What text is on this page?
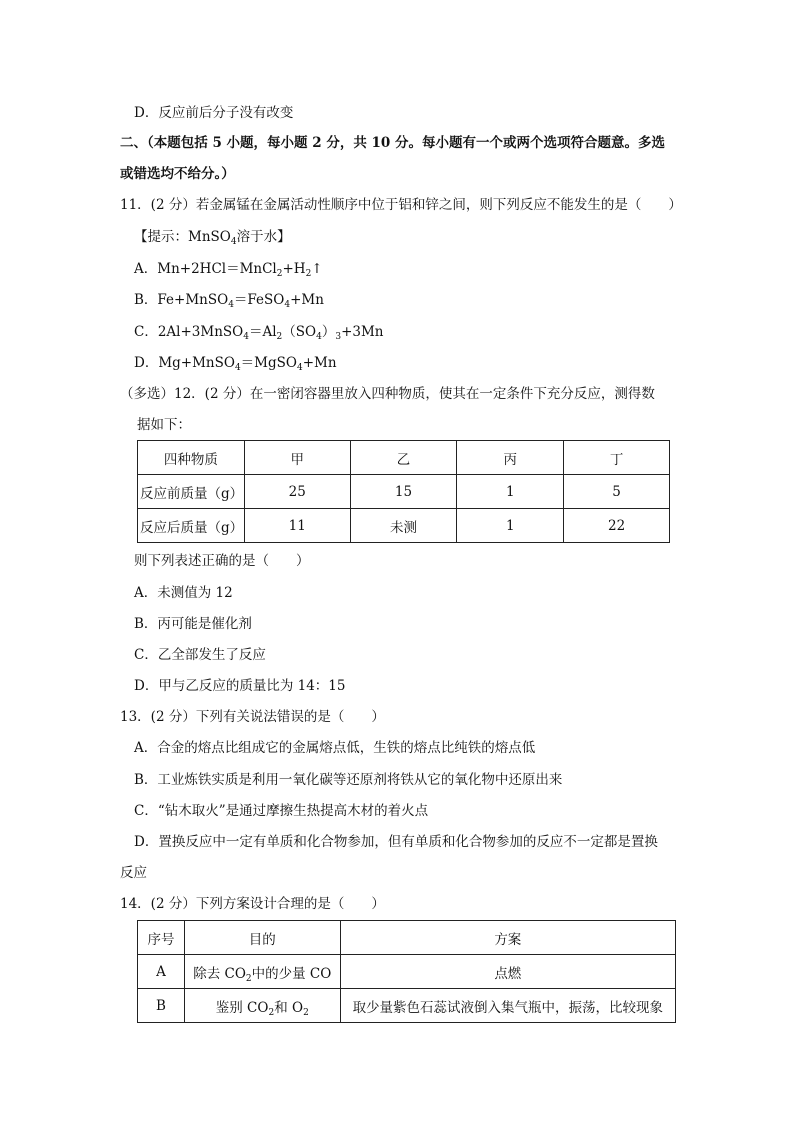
D．反应前后分子没有改变
二、（本题包括 5 小题，每小题 2 分，共 10 分。每小题有一个或两个选项符合题意。多选
或错选均不给分。）
11．(2 分）若金属锰在金属活动性顺序中位于铝和锌之间，则下列反应不能发生的是（　　）
【提示：MnSO$_4$溶于水】
A．$Mn+2HCl=MnCl_2+H_2↑$
B．Fe+MnSO$_4$＝FeSO$_4$+Mn
C．$2Al+3MnSO_4=Al_2(SO_4)_3+3Mn$
D．Mg+MnSO$_4$＝MgSO$_4$+Mn
（多选）12．(2 分）在一密闭容器里放入四种物质，使其在一定条件下充分反应，测得数
据如下：
四种物质	甲	乙	丙	丁
反应前质量（g）	25	15	1	5
反应后质量（g）	11	未测	1	22
则下列表述正确的是（　　）
A．未测值为 12
B．丙可能是催化剂
C．乙全部发生了反应
D．甲与乙反应的质量比为 14：15
13．(2 分）下列有关说法错误的是（　　）
A．合金的熔点比组成它的金属熔点低，生铁的熔点比纯铁的熔点低
B．工业炼铁实质是利用一氧化碳等还原剂将铁从它的氧化物中还原出来
C．“钻木取火”是通过摩擦生热提高木材的着火点
D．置换反应中一定有单质和化合物参加，但有单质和化合物参加的反应不一定都是置换
反应
14．(2 分）下列方案设计合理的是（　　）
序号	目的	方案
A	除去 $CO_2$中的少量 CO	点燃
B	鉴别 $CO_2$和 $O_2$	取少量紫色石蕊试液倒入集气瓶中，振荡，比较现象
